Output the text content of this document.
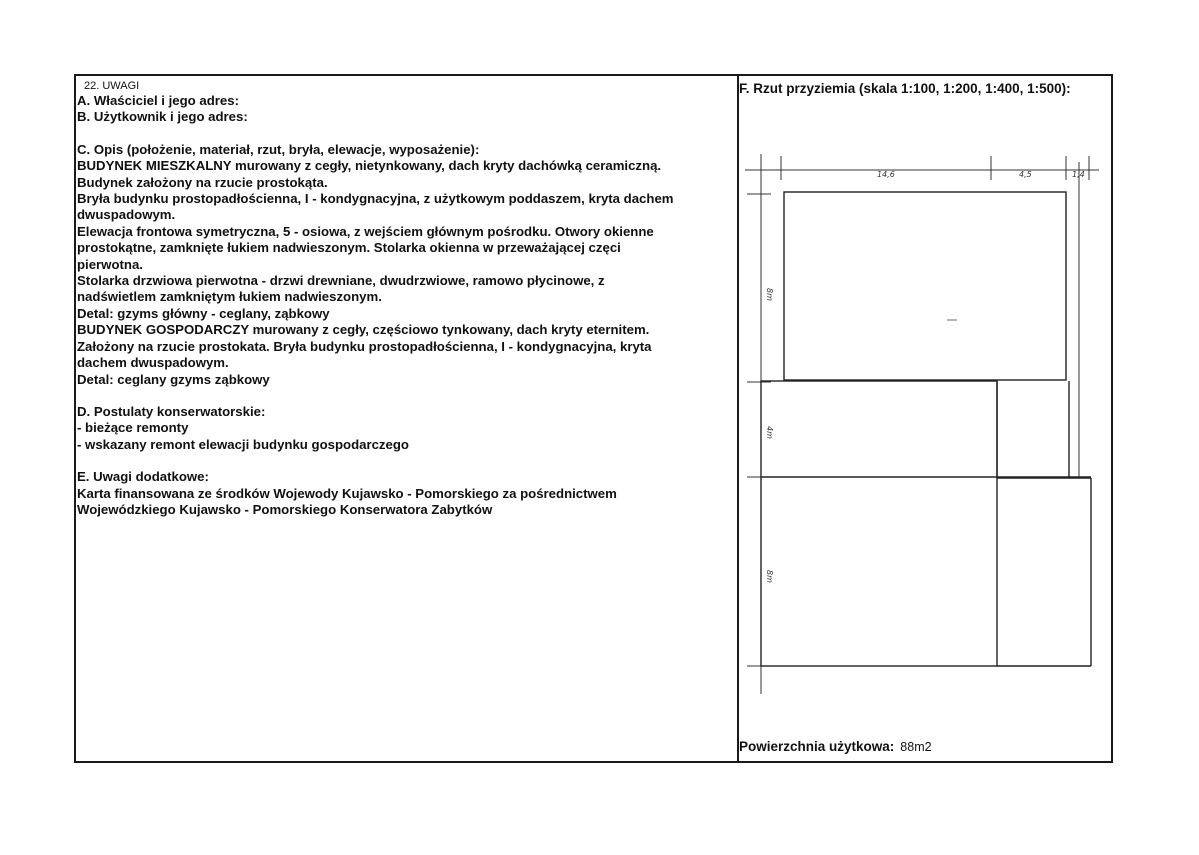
22. UWAGI
A. Właściciel i jego adres:
B. Użytkownik i jego adres:
C. Opis (położenie, materiał, rzut, bryła, elewacje, wyposażenie):
BUDYNEK MIESZKALNY murowany z cegły, nietynkowany, dach kryty dachówką ceramiczną.
Budynek założony na rzucie prostokąta.
Bryła budynku prostopadłościenna, I - kondygnacyjna, z użytkowym poddaszem, kryta dachem
dwuspadowym.
Elewacja frontowa symetryczna, 5 - osiowa, z wejściem głównym pośrodku. Otwory okienne
prostokątne, zamknięte łukiem nadwieszonym. Stolarka okienna w przeważającej częci
pierwotna.
Stolarka drzwiowa pierwotna - drzwi drewniane, dwudrzwiowe, ramowo płycinowe, z
nadświetlem zamkniętym łukiem nadwieszonym.
Detal: gzyms główny - ceglany, ząbkowy
BUDYNEK GOSPODARCZY murowany z cegły, częściowo tynkowany, dach kryty eternitem.
Założony na rzucie prostokata. Bryła budynku prostopadłościenna, I - kondygnacyjna, kryta
dachem dwuspadowym.
Detal: ceglany gzyms ząbkowy
D. Postulaty konserwatorskie:
- bieżące remonty
- wskazany remont elewacji budynku gospodarczego
E. Uwagi dodatkowe:
Karta finansowana ze środków Wojewody Kujawsko - Pomorskiego za pośrednictwem
Wojewódzkiego Kujawsko - Pomorskiego Konserwatora Zabytków
F. Rzut przyziemia (skala 1:100, 1:200, 1:400, 1:500):
14,6	4,5	1,4
8m
4m
8m
Powierzchnia użytkowa: 88m2
